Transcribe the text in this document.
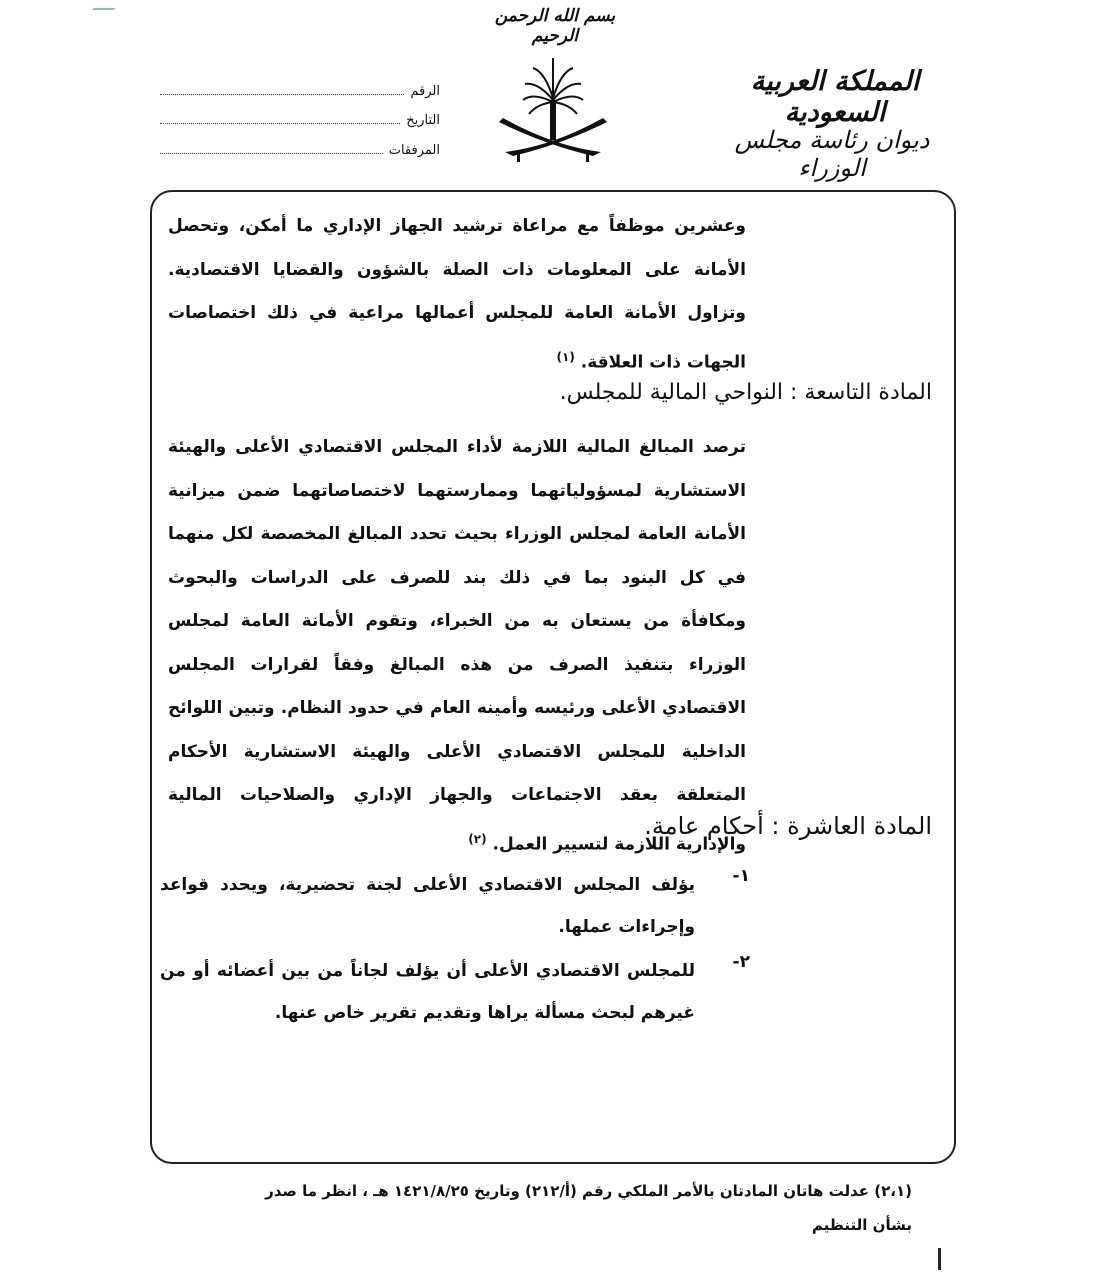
بسم الله الرحمن الرحيم
المملكة العربية السعودية
ديوان رئاسة مجلس الوزراء
الرقم
التاريخ
المرفقات
وعشرين موظفاً مع مراعاة ترشيد الجهاز الإداري ما أمكن، وتحصل الأمانة على المعلومات ذات الصلة بالشؤون والقضايا الاقتصادية. وتزاول الأمانة العامة للمجلس أعمالها مراعية في ذلك اختصاصات الجهات ذات العلاقة. $^{(١)}$
المادة التاسعة : النواحي المالية للمجلس.
ترصد المبالغ المالية اللازمة لأداء المجلس الاقتصادي الأعلى والهيئة الاستشارية لمسؤولياتهما وممارستهما لاختصاصاتهما ضمن ميزانية الأمانة العامة لمجلس الوزراء بحيث تحدد المبالغ المخصصة لكل منهما في كل البنود بما في ذلك بند للصرف على الدراسات والبحوث ومكافأة من يستعان به من الخبراء، وتقوم الأمانة العامة لمجلس الوزراء بتنفيذ الصرف من هذه المبالغ وفقاً لقرارات المجلس الاقتصادي الأعلى ورئيسه وأمينه العام في حدود النظام. وتبين اللوائح الداخلية للمجلس الاقتصادي الأعلى والهيئة الاستشارية الأحكام المتعلقة بعقد الاجتماعات والجهاز الإداري والصلاحيات المالية والإدارية اللازمة لتسيير العمل. $^{(٢)}$	المادة العاشرة : أحكام عامة.
١-
يؤلف المجلس الاقتصادي الأعلى لجنة تحضيرية، ويحدد قواعد وإجراءات عملها.
٢-
للمجلس الاقتصادي الأعلى أن يؤلف لجاناً من بين أعضائه أو من غيرهم لبحث مسألة يراها وتقديم تقرير خاص عنها.
(٢،١) عدلت هاتان المادتان بالأمر الملكي رقم (أ/٢١٢) وتاريخ ١٤٢١/٨/٢٥ هـ ، انظر ما صدر بشأن التنظيم
